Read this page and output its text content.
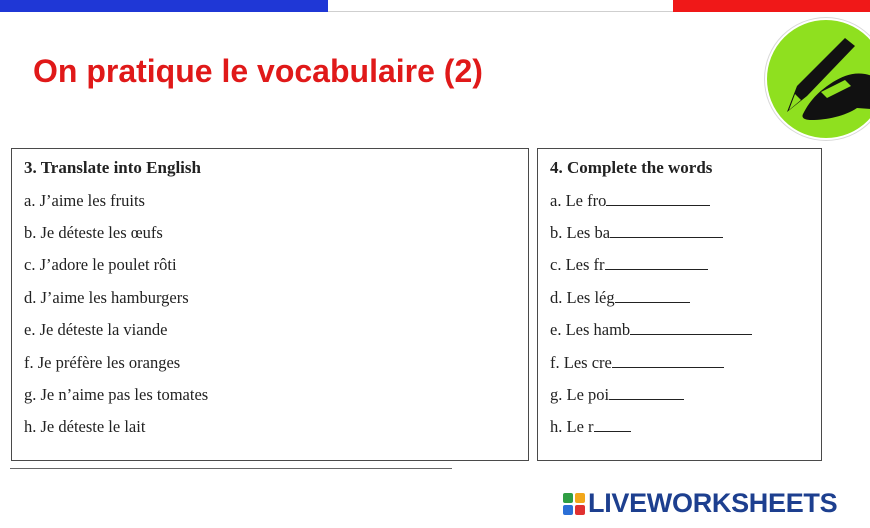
On pratique le vocabulaire (2)
3. Translate into English
a. J’aime les fruits
b. Je déteste les œufs
c. J’adore le poulet rôti
d. J’aime les hamburgers
e. Je déteste la viande
f. Je préfère les oranges
g. Je n’aime pas les tomates
h. Je déteste le lait
4. Complete the words
a. Le fro
b. Les ba
c. Les fr
d. Les lég
e. Les hamb
f. Les cre
g. Le poi
h. Le r
LIVEWORKSHEETS
